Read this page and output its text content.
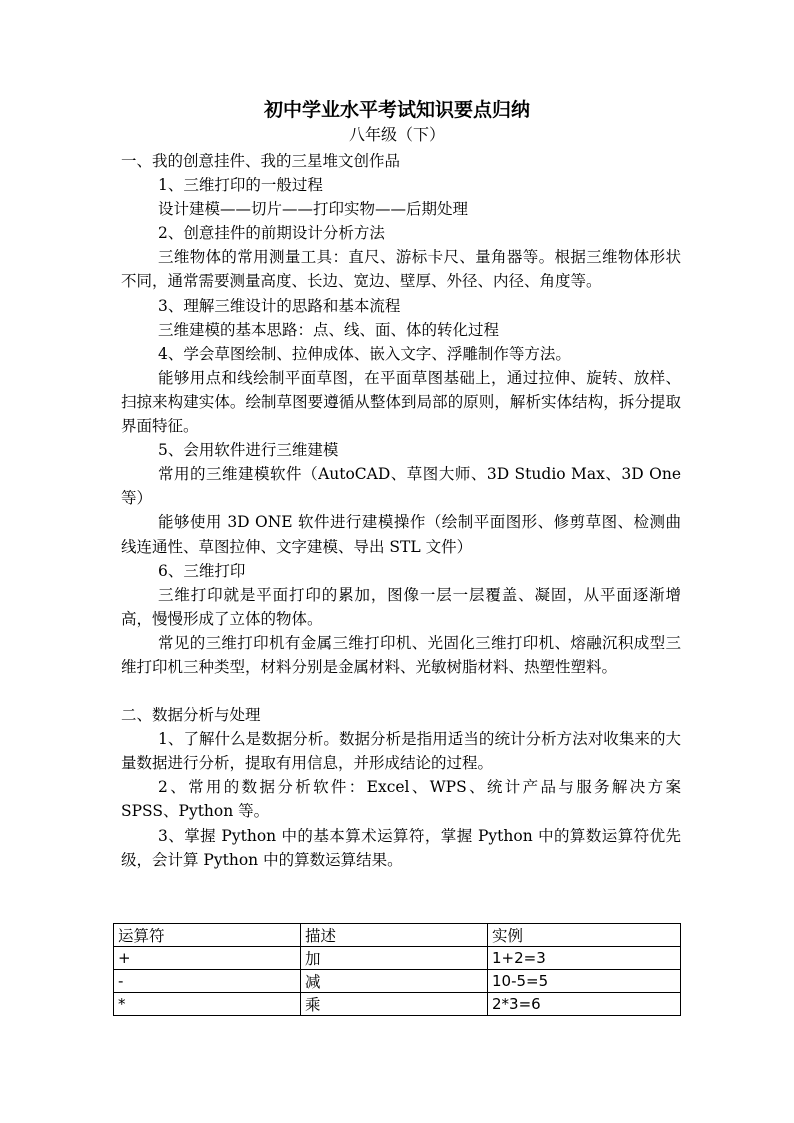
初中学业水平考试知识要点归纳
八年级（下）

一、我的创意挂件、我的三星堆文创作品

1、三维打印的一般过程

设计建模——切片——打印实物——后期处理

2、创意挂件的前期设计分析方法

三维物体的常用测量工具：直尺、游标卡尺、量角器等。根据三维物体形状不同，通常需要测量高度、长边、宽边、壁厚、外径、内径、角度等。

3、理解三维设计的思路和基本流程

三维建模的基本思路：点、线、面、体的转化过程

4、学会草图绘制、拉伸成体、嵌入文字、浮雕制作等方法。

能够用点和线绘制平面草图，在平面草图基础上，通过拉伸、旋转、放样、扫掠来构建实体。绘制草图要遵循从整体到局部的原则，解析实体结构，拆分提取界面特征。

5、会用软件进行三维建模

常用的三维建模软件（AutoCAD、草图大师、3D Studio Max、3D One 等）

能够使用 3D ONE 软件进行建模操作（绘制平面图形、修剪草图、检测曲线连通性、草图拉伸、文字建模、导出 STL 文件）

6、三维打印

三维打印就是平面打印的累加，图像一层一层覆盖、凝固，从平面逐渐增高，慢慢形成了立体的物体。

常见的三维打印机有金属三维打印机、光固化三维打印机、熔融沉积成型三维打印机三种类型，材料分别是金属材料、光敏树脂材料、热塑性塑料。

二、数据分析与处理

1、了解什么是数据分析。数据分析是指用适当的统计分析方法对收集来的大量数据进行分析，提取有用信息，并形成结论的过程。

2、常用的数据分析软件：Excel、WPS、统计产品与服务解决方案 SPSS、Python 等。

3、掌握 Python 中的基本算术运算符，掌握 Python 中的算数运算符优先级，会计算 Python 中的算数运算结果。

运算符	描述	实例
+	加	1+2=3
-	减	10-5=5
*	乘	2*3=6
